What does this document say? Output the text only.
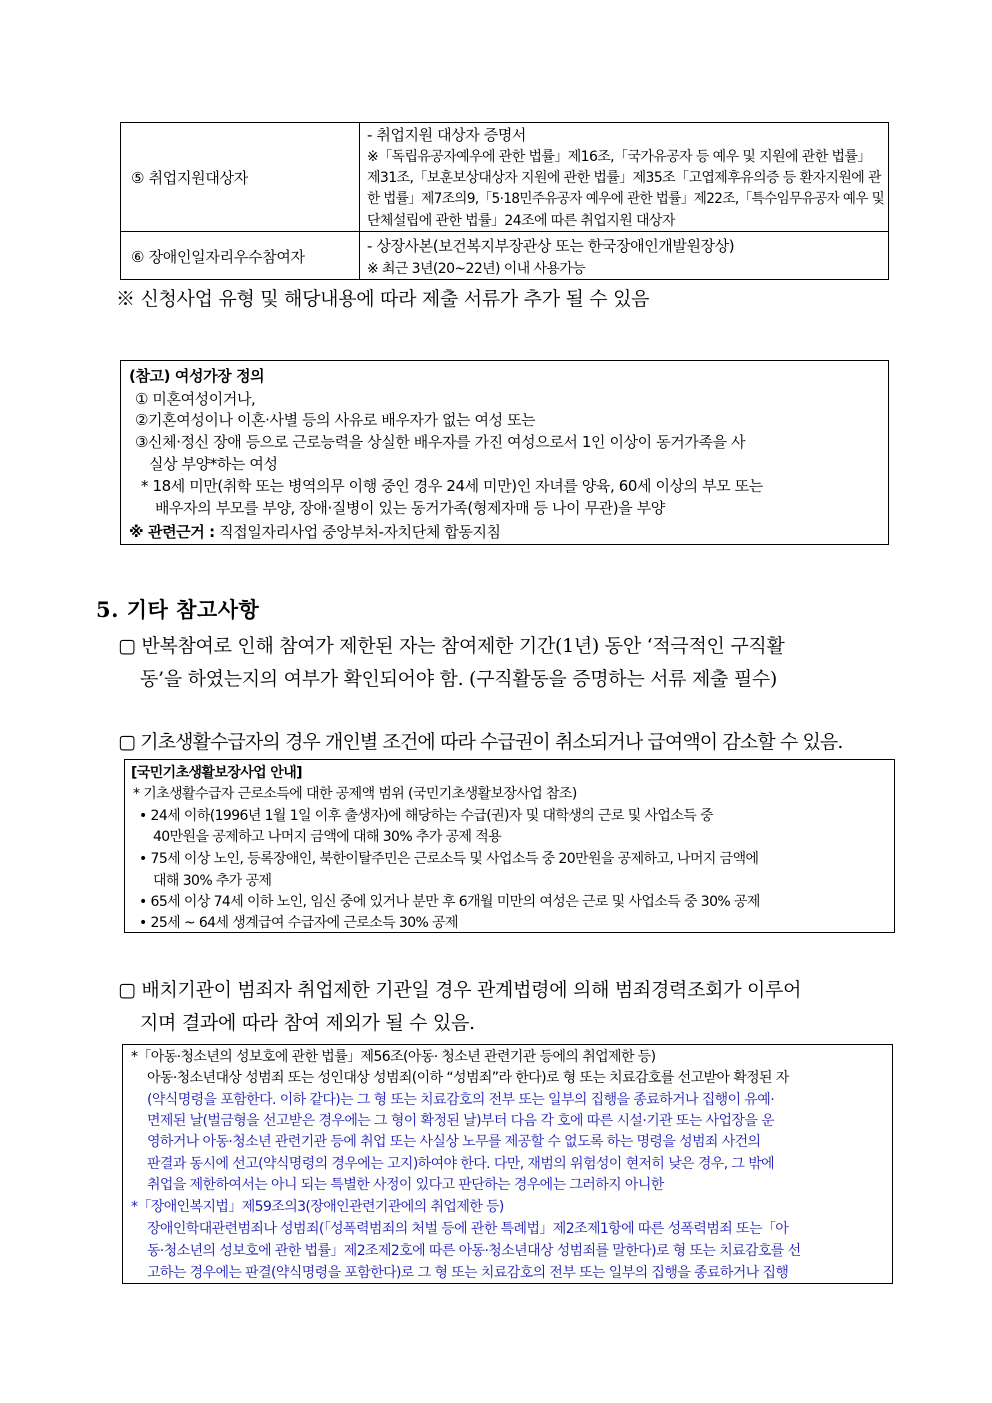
⑤ 취업지원대상자
- 취업지원 대상자 증명서
※「독립유공자예우에 관한 법률」제16조,「국가유공자 등 예우 및 지원에 관한 법률」
제31조,「보훈보상대상자 지원에 관한 법률」제35조「고엽제후유의증 등 환자지원에 관
한 법률」제7조의9,「5·18민주유공자 예우에 관한 법률」제22조,「특수임무유공자 예우 및
단체설립에 관한 법률」24조에 따른 취업지원 대상자
⑥ 장애인일자리우수참여자
- 상장사본(보건복지부장관상 또는 한국장애인개발원장상)
※ 최근 3년(20~22년) 이내 사용가능
※ 신청사업 유형 및 해당내용에 따라 제출 서류가 추가 될 수 있음
(참고) 여성가장 정의
① 미혼여성이거나,
②기혼여성이나 이혼·사별 등의 사유로 배우자가 없는 여성 또는
③신체·정신 장애 등으로 근로능력을 상실한 배우자를 가진 여성으로서 1인 이상이 동거가족을 사
실상 부양*하는 여성
* 18세 미만(취학 또는 병역의무 이행 중인 경우 24세 미만)인 자녀를 양육, 60세 이상의 부모 또는
배우자의 부모를 부양, 장애·질병이 있는 동거가족(형제자매 등 나이 무관)을 부양
※ 관련근거 : 직접일자리사업 중앙부처-자치단체 합동지침
5. 기타 참고사항
▢ 반복참여로 인해 참여가 제한된 자는 참여제한 기간(1년) 동안 ‘적극적인 구직활
동’을 하였는지의 여부가 확인되어야 함. (구직활동을 증명하는 서류 제출 필수)
▢ 기초생활수급자의 경우 개인별 조건에 따라 수급권이 취소되거나 급여액이 감소할 수 있음.
[국민기초생활보장사업 안내]
* 기초생활수급자 근로소득에 대한 공제액 범위 (국민기초생활보장사업 참조)
• 24세 이하(1996년 1월 1일 이후 출생자)에 해당하는 수급(권)자 및 대학생의 근로 및 사업소득 중
40만원을 공제하고 나머지 금액에 대해 30% 추가 공제 적용
• 75세 이상 노인, 등록장애인, 북한이탈주민은 근로소득 및 사업소득 중 20만원을 공제하고, 나머지 금액에
대해 30% 추가 공제
• 65세 이상 74세 이하 노인, 임신 중에 있거나 분만 후 6개월 미만의 여성은 근로 및 사업소득 중 30% 공제
• 25세 ~ 64세 생계급여 수급자에 근로소득 30% 공제
▢ 배치기관이 범죄자 취업제한 기관일 경우 관계법령에 의해 범죄경력조회가 이루어
지며 결과에 따라 참여 제외가 될 수 있음.
*「아동·청소년의 성보호에 관한 법률」제56조(아동· 청소년 관련기관 등에의 취업제한 등)
아동·청소년대상 성범죄 또는 성인대상 성범죄(이하 “성범죄”라 한다)로 형 또는 치료감호를 선고받아 확정된 자
(약식명령을 포함한다. 이하 같다)는 그 형 또는 치료감호의 전부 또는 일부의 집행을 종료하거나 집행이 유예·
면제된 날(벌금형을 선고받은 경우에는 그 형이 확정된 날)부터 다음 각 호에 따른 시설·기관 또는 사업장을 운
영하거나 아동·청소년 관련기관 등에 취업 또는 사실상 노무를 제공할 수 없도록 하는 명령을 성범죄 사건의
판결과 동시에 선고(약식명령의 경우에는 고지)하여야 한다. 다만, 재범의 위험성이 현저히 낮은 경우, 그 밖에
취업을 제한하여서는 아니 되는 특별한 사정이 있다고 판단하는 경우에는 그러하지 아니한
*「장애인복지법」제59조의3(장애인관련기관에의 취업제한 등)
장애인학대관련범죄나 성범죄(「성폭력범죄의 처벌 등에 관한 특례법」제2조제1항에 따른 성폭력범죄 또는「아
동·청소년의 성보호에 관한 법률」제2조제2호에 따른 아동·청소년대상 성범죄를 말한다)로 형 또는 치료감호를 선
고하는 경우에는 판결(약식명령을 포함한다)로 그 형 또는 치료감호의 전부 또는 일부의 집행을 종료하거나 집행
